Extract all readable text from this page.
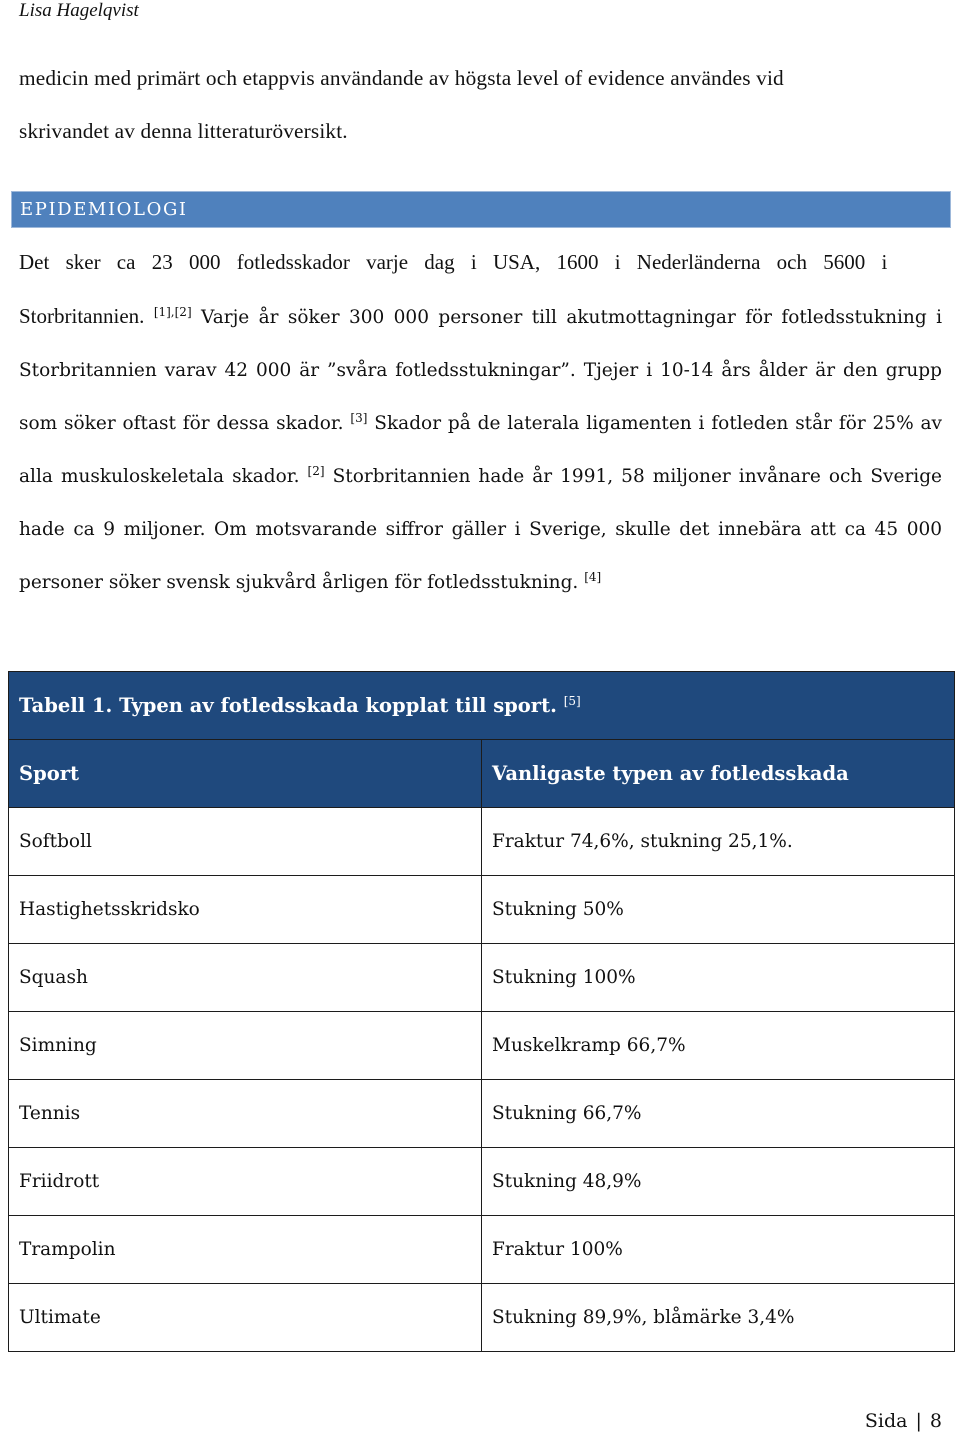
Lisa Hagelqvist

medicin med primärt och etappvis användande av högsta level of evidence användes vid
skrivandet av denna litteraturöversikt.

EPIDEMIOLOGI

Det sker ca 23 000 fotledsskador varje dag i USA, 1600 i Nederländerna och 5600 i
Storbritannien. [1],[2] Varje år söker 300 000 personer till akutmottagningar för fotledsstukning i Storbritannien varav 42 000 är ”svåra fotledsstukningar”. Tjejer i 10-14 års ålder är den grupp som söker oftast för dessa skador. [3] Skador på de laterala ligamenten i fotleden står för 25% av alla muskuloskeletala skador. [2] Storbritannien hade år 1991, 58 miljoner invånare och Sverige hade ca 9 miljoner. Om motsvarande siffror gäller i Sverige, skulle det innebära att ca 45 000 personer söker svensk sjukvård årligen för fotledsstukning. [4]

Tabell 1. Typen av fotledsskada kopplat till sport. [5]
Sport	Vanligaste typen av fotledsskada
Softboll	Fraktur 74,6%, stukning 25,1%.
Hastighetsskridsko	Stukning 50%
Squash	Stukning 100%
Simning	Muskelkramp 66,7%
Tennis	Stukning 66,7%
Friidrott	Stukning 48,9%
Trampolin	Fraktur 100%
Ultimate	Stukning 89,9%, blåmärke 3,4%
Sida | 8
